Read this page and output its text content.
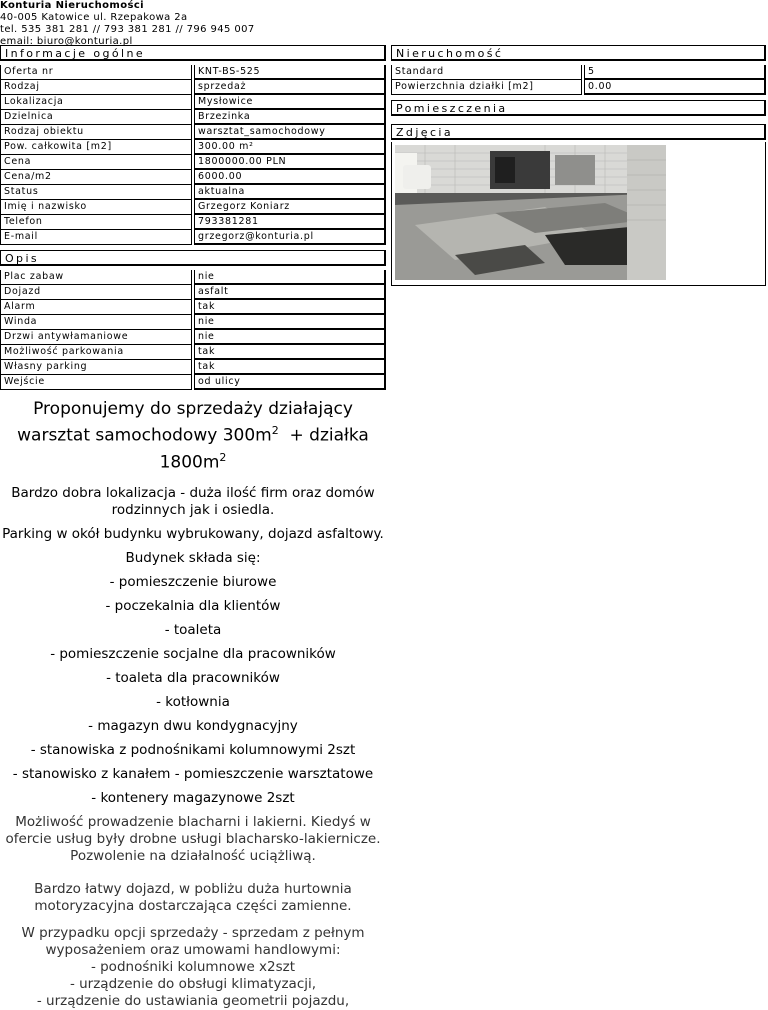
Konturia Nieruchomości
40-005 Katowice ul. Rzepakowa 2a
tel. 535 381 281 // 793 381 281 // 796 945 007
email: biuro@konturia.pl
Informacje ogólne
Oferta nr	KNT-BS-525
Rodzaj	sprzedaż
Lokalizacja	Mysłowice
Dzielnica	Brzezinka
Rodzaj obiektu	warsztat_samochodowy
Pow. całkowita [m2]	300.00 m²
Cena	1800000.00 PLN
Cena/m2	6000.00
Status	aktualna
Imię i nazwisko	Grzegorz Koniarz
Telefon	793381281
E-mail	grzegorz@konturia.pl
Opis
Plac zabaw	nie
Dojazd	asfalt
Alarm	tak
Winda	nie
Drzwi antywłamaniowe	nie
Możliwość parkowania	tak
Własny parking	tak
Wejście	od ulicy
Proponujemy do sprzedaży działający warsztat samochodowy $300m^2$ + działka $1800m^2$

Bardzo dobra lokalizacja - duża ilość firm oraz domów rodzinnych jak i osiedla.

Parking w okół budynku wybrukowany, dojazd asfaltowy.

Budynek składa się:

- pomieszczenie biurowe

- poczekalnia dla klientów

- toaleta

- pomieszczenie socjalne dla pracowników

- toaleta dla pracowników

- kotłownia

- magazyn dwu kondygnacyjny

- stanowiska z podnośnikami kolumnowymi 2szt

- stanowisko z kanałem - pomieszczenie warsztatowe

- kontenery magazynowe 2szt

Możliwość prowadzenie blacharni i lakierni. Kiedyś w ofercie usług były drobne usługi blacharsko-lakiernicze. Pozwolenie na działalność uciążliwą.

Bardzo łatwy dojazd, w pobliżu duża hurtownia motoryzacyjna dostarczająca części zamienne.

W przypadku opcji sprzedaży - sprzedam z pełnym wyposażeniem oraz umowami handlowymi:
- podnośniki kolumnowe x2szt
- urządzenie do obsługi klimatyzacji,
- urządzenie do ustawiania geometrii pojazdu,

Nieruchomość
Standard	5
Powierzchnia działki [m2]	0.00
Pomieszczenia
Zdjęcia
